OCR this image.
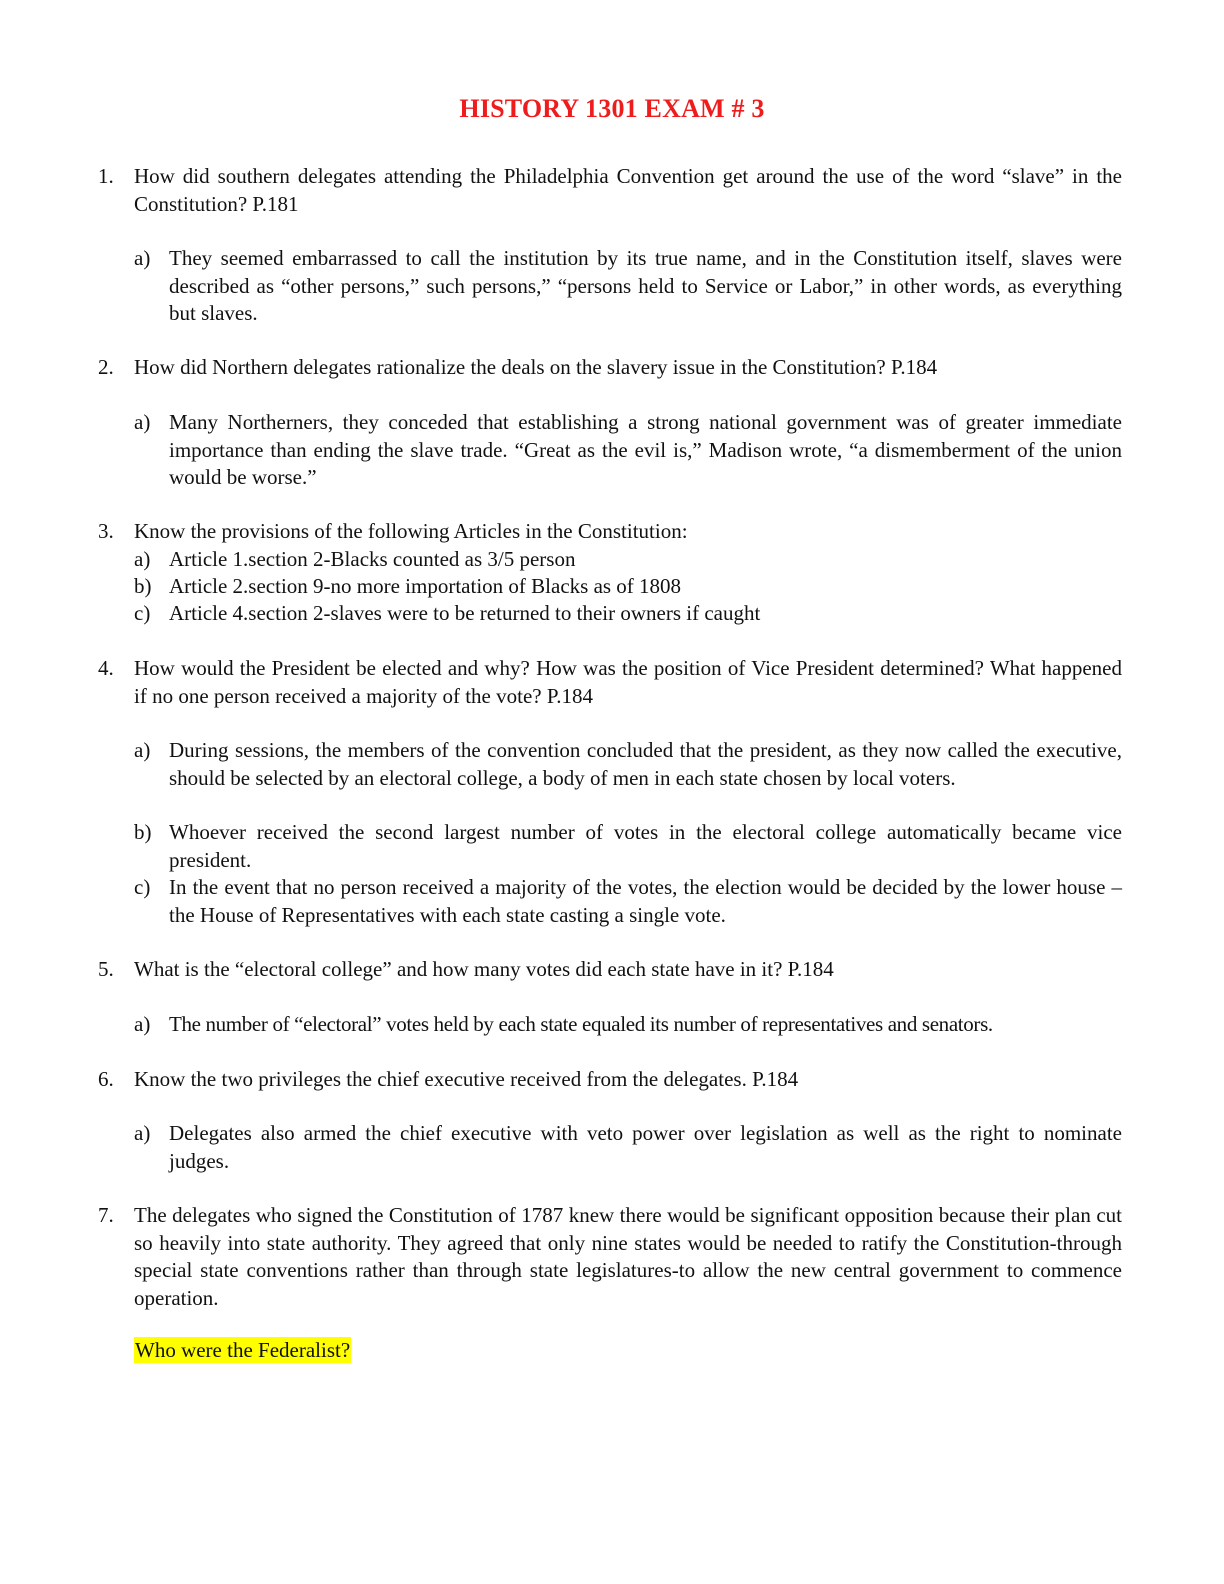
HISTORY 1301 EXAM # 3
1. How did southern delegates attending the Philadelphia Convention get around the use of the word “slave” in the Constitution? P.181
a) They seemed embarrassed to call the institution by its true name, and in the Constitution itself, slaves were described as “other persons,” such persons,” “persons held to Service or Labor,” in other words, as everything but slaves.
2. How did Northern delegates rationalize the deals on the slavery issue in the Constitution? P.184
a) Many Northerners, they conceded that establishing a strong national government was of greater immediate importance than ending the slave trade. “Great as the evil is,” Madison wrote, “a dismemberment of the union would be worse.”
3. Know the provisions of the following Articles in the Constitution:
a) Article 1.section 2-Blacks counted as 3/5 person
b) Article 2.section 9-no more importation of Blacks as of 1808
c) Article 4.section 2-slaves were to be returned to their owners if caught
4. How would the President be elected and why? How was the position of Vice President determined? What happened if no one person received a majority of the vote? P.184
a) During sessions, the members of the convention concluded that the president, as they now called the executive, should be selected by an electoral college, a body of men in each state chosen by local voters.
b) Whoever received the second largest number of votes in the electoral college automatically became vice president.
c) In the event that no person received a majority of the votes, the election would be decided by the lower house – the House of Representatives with each state casting a single vote.
5. What is the “electoral college” and how many votes did each state have in it? P.184
a) The number of “electoral” votes held by each state equaled its number of representatives and senators.
6. Know the two privileges the chief executive received from the delegates. P.184
a) Delegates also armed the chief executive with veto power over legislation as well as the right to nominate judges.
7. The delegates who signed the Constitution of 1787 knew there would be significant opposition because their plan cut so heavily into state authority. They agreed that only nine states would be needed to ratify the Constitution-through special state conventions rather than through state legislatures-to allow the new central government to commence operation.
Who were the Federalist?
